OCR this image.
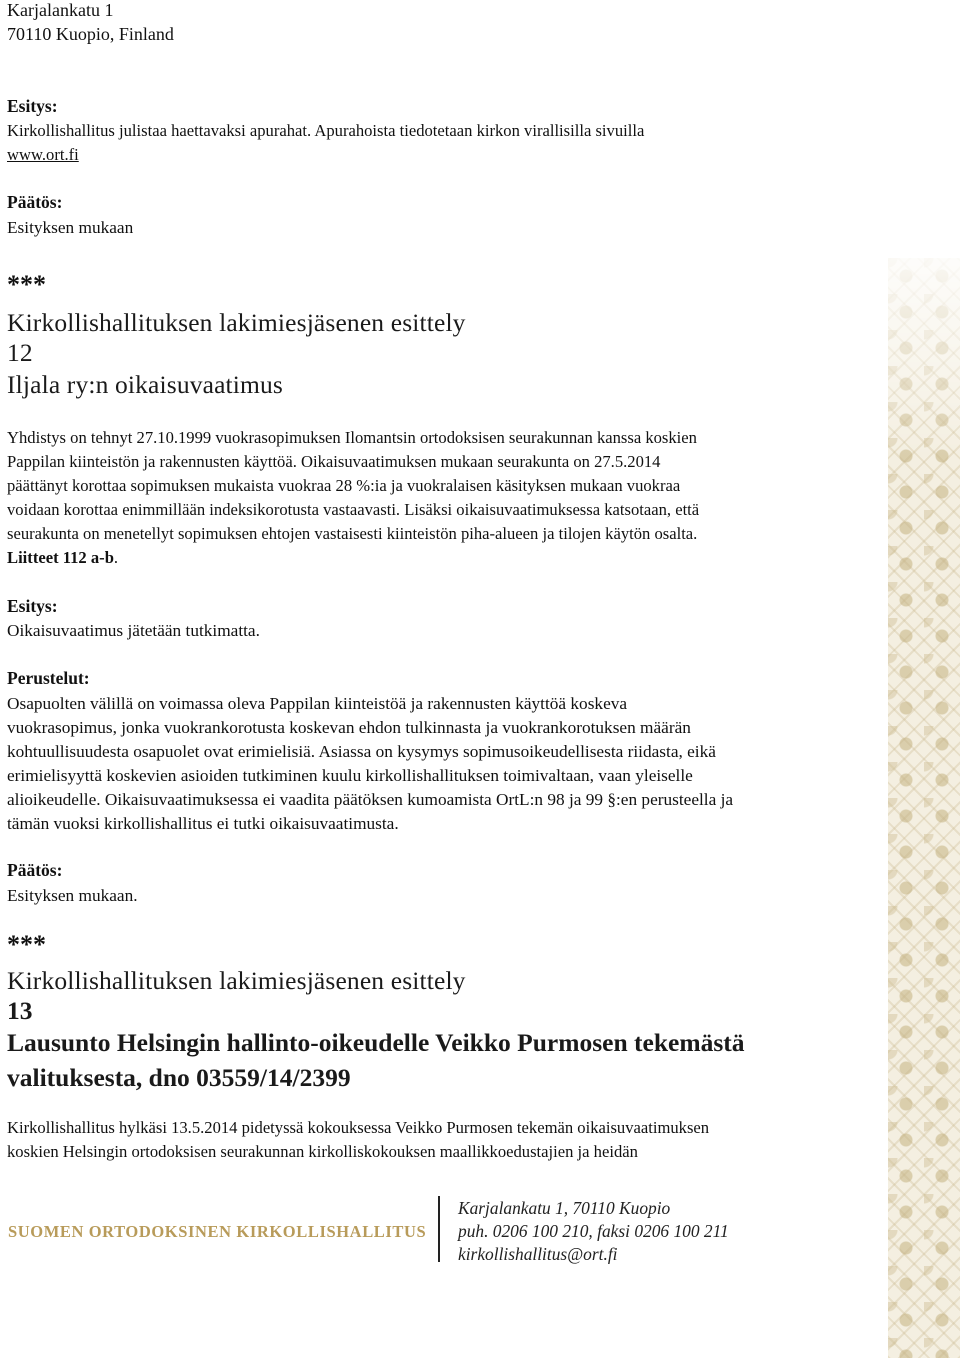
Karjalankatu 1

70110 Kuopio, Finland

Esitys:

Kirkollishallitus julistaa haettavaksi apurahat. Apurahoista tiedotetaan kirkon virallisilla sivuilla

www.ort.fi

Päätös:

Esityksen mukaan

***

Kirkollishallituksen lakimiesjäsenen esittely

12

Iljala ry:n oikaisuvaatimus

Yhdistys on tehnyt 27.10.1999 vuokrasopimuksen Ilomantsin ortodoksisen seurakunnan kanssa koskien

Pappilan kiinteistön ja rakennusten käyttöä. Oikaisuvaatimuksen mukaan seurakunta on 27.5.2014

päättänyt korottaa sopimuksen mukaista vuokraa 28 %:ia ja vuokralaisen käsityksen mukaan vuokraa

voidaan korottaa enimmillään indeksikorotusta vastaavasti. Lisäksi oikaisuvaatimuksessa katsotaan, että

seurakunta on menetellyt sopimuksen ehtojen vastaisesti kiinteistön piha-alueen ja tilojen käytön osalta.

Liitteet 112 a-b.

Esitys:

Oikaisuvaatimus jätetään tutkimatta.

Perustelut:

Osapuolten välillä on voimassa oleva Pappilan kiinteistöä ja rakennusten käyttöä koskeva

vuokrasopimus, jonka vuokrankorotusta koskevan ehdon tulkinnasta ja vuokrankorotuksen määrän

kohtuullisuudesta osapuolet ovat erimielisiä. Asiassa on kysymys sopimusoikeudellisesta riidasta, eikä

erimielisyyttä koskevien asioiden tutkiminen kuulu kirkollishallituksen toimivaltaan, vaan yleiselle

alioikeudelle. Oikaisuvaatimuksessa ei vaadita päätöksen kumoamista OrtL:n 98 ja 99 §:en perusteella ja

tämän vuoksi kirkollishallitus ei tutki oikaisuvaatimusta.

Päätös:

Esityksen mukaan.

***

Kirkollishallituksen lakimiesjäsenen esittely

13

Lausunto Helsingin hallinto-oikeudelle Veikko Purmosen tekemästä

valituksesta, dno 03559/14/2399

Kirkollishallitus hylkäsi 13.5.2014 pidetyssä kokouksessa Veikko Purmosen tekemän oikaisuvaatimuksen

koskien Helsingin ortodoksisen seurakunnan kirkolliskokouksen maallikkoedustajien ja heidän

SUOMEN ORTODOKSINEN KIRKOLLISHALLITUS
Karjalankatu 1, 70110 Kuopio
puh. 0206 100 210, faksi 0206 100 211
kirkollishallitus@ort.fi
